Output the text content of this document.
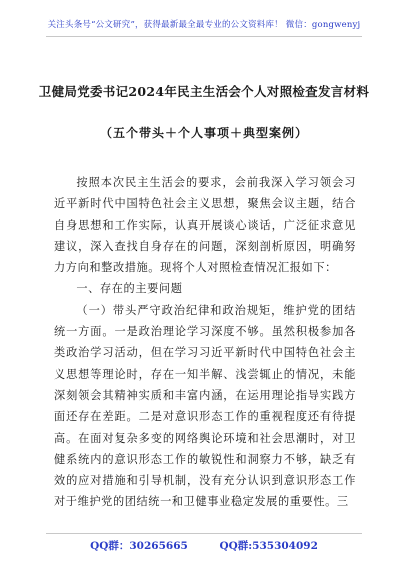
关注头条号“公文研究”，获得最新最全最专业的公文资料库！ 微信：gongwenyj
卫健局党委书记2024年民主生活会个人对照检查发言材料
（五个带头＋个人事项＋典型案例）

按照本次民主生活会的要求，会前我深入学习领会习近平新时代中国特色社会主义思想，聚焦会议主题，结合自身思想和工作实际，认真开展谈心谈话，广泛征求意见建议，深入查找自身存在的问题，深刻剖析原因，明确努力方向和整改措施。现将个人对照检查情况汇报如下：

一、存在的主要问题

（一）带头严守政治纪律和政治规矩，维护党的团结统一方面。一是政治理论学习深度不够。虽然积极参加各类政治学习活动，但在学习习近平新时代中国特色社会主义思想等理论时，存在一知半解、浅尝辄止的情况，未能深刻领会其精神实质和丰富内涵，在运用理论指导实践方面还存在差距。二是对意识形态工作的重视程度还有待提高。在面对复杂多变的网络舆论环境和社会思潮时，对卫健系统内的意识形态工作的敏锐性和洞察力不够，缺乏有效的应对措施和引导机制，没有充分认识到意识形态工作对于维护党的团结统一和卫健事业稳定发展的重要性。三

QQ群：30265665	QQ群:535304092
